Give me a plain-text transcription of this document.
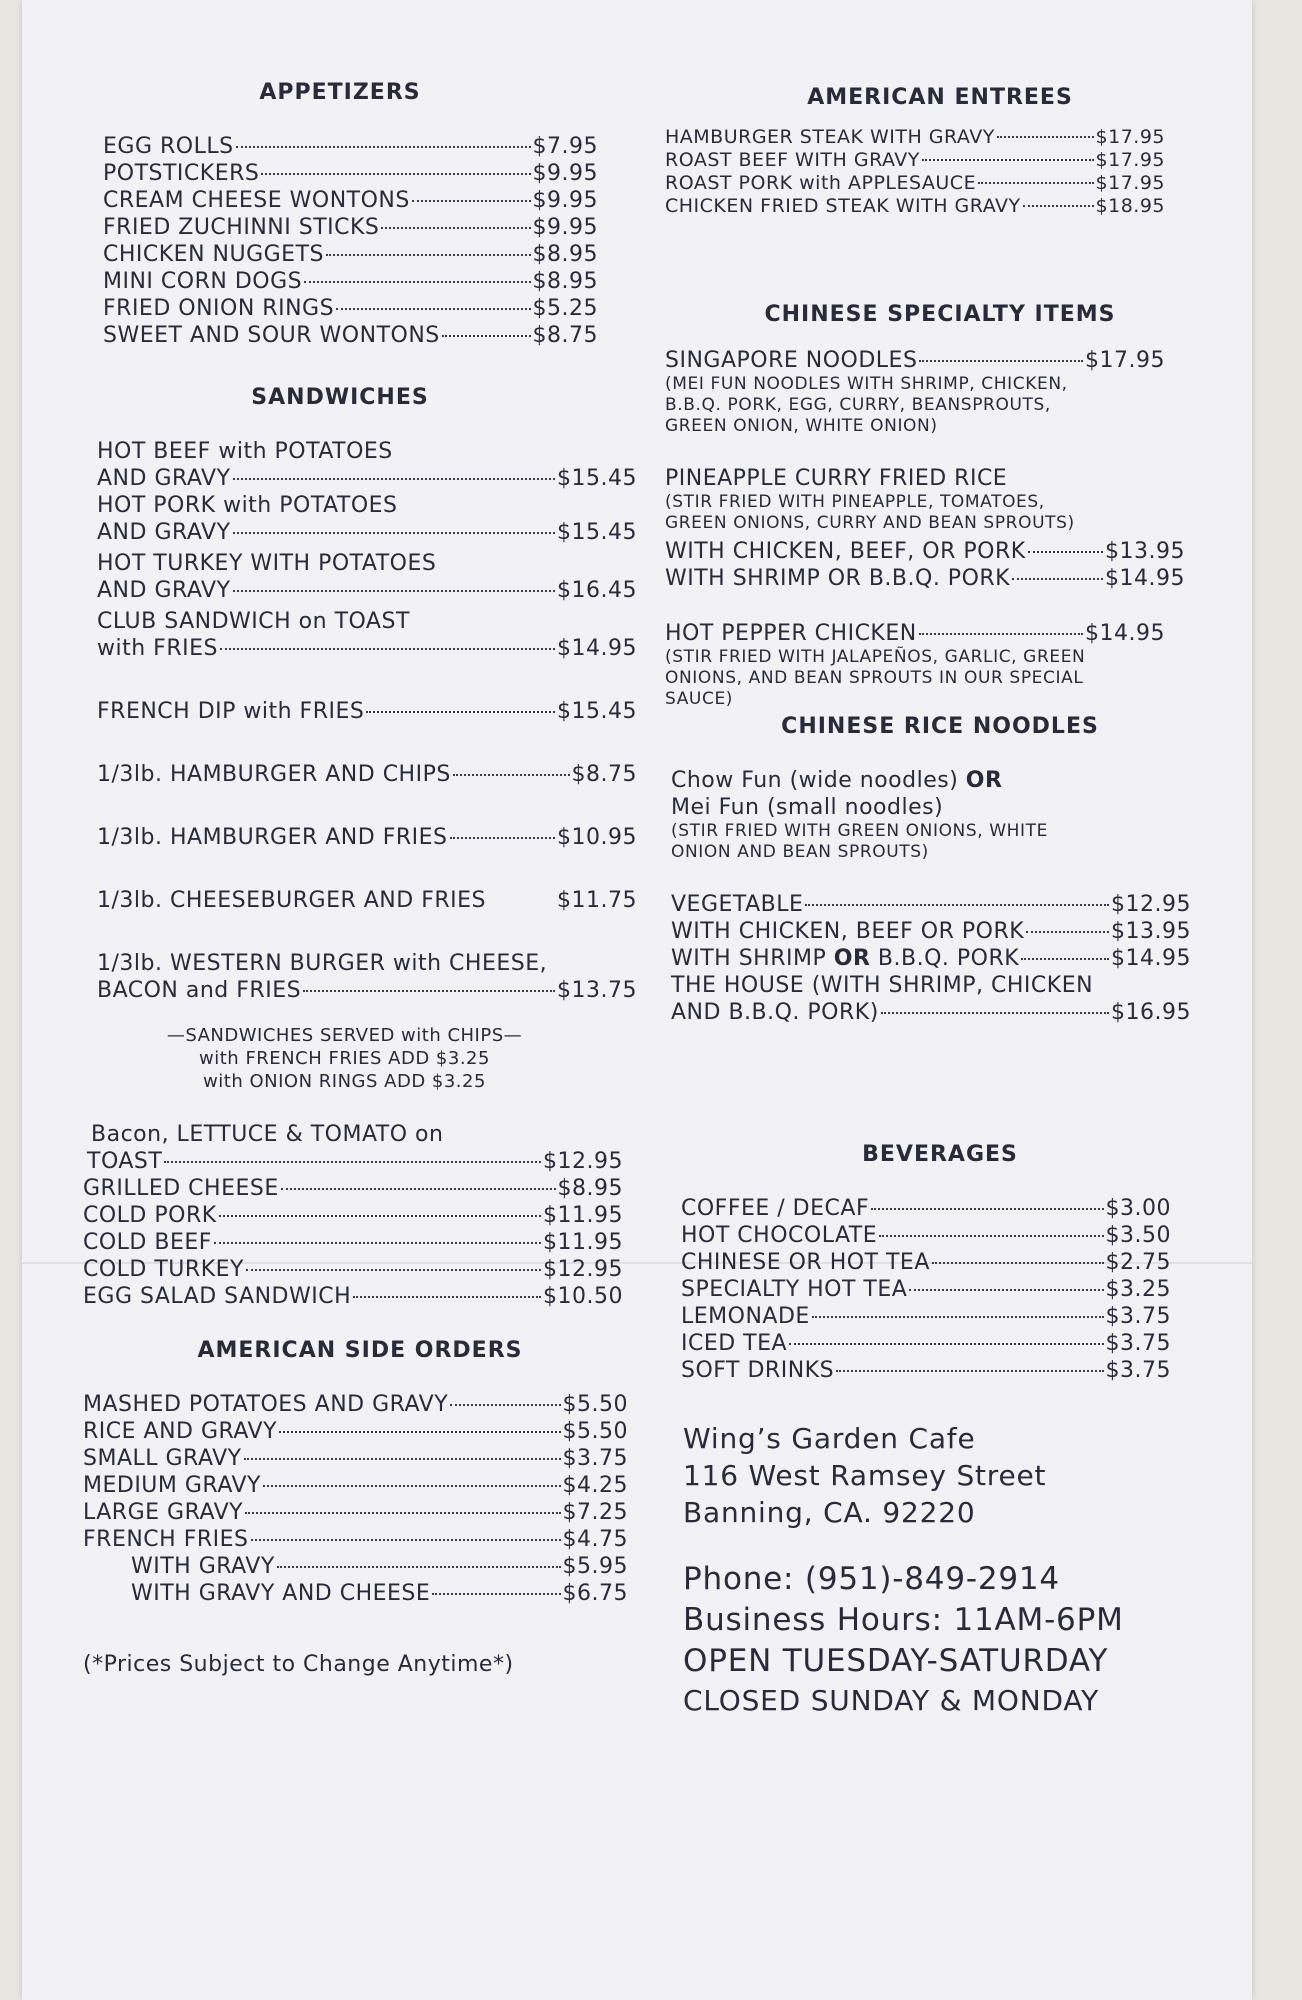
APPETIZERS
EGG ROLLS	$7.95
POTSTICKERS	$9.95
CREAM CHEESE WONTONS	$9.95
FRIED ZUCHINNI STICKS	$9.95
CHICKEN NUGGETS	$8.95
MINI CORN DOGS	$8.95
FRIED ONION RINGS	$5.25
SWEET AND SOUR WONTONS	$8.75
SANDWICHES
HOT BEEF with POTATOES
AND GRAVY	$15.45
HOT PORK with POTATOES
AND GRAVY	$15.45
HOT TURKEY WITH POTATOES
AND GRAVY	$16.45
CLUB SANDWICH on TOAST
with FRIES	$14.95
FRENCH DIP with FRIES	$15.45
1/3lb. HAMBURGER AND CHIPS	$8.75
1/3lb. HAMBURGER AND FRIES	$10.95
1/3lb. CHEESEBURGER AND FRIES	$11.75
1/3lb. WESTERN BURGER with CHEESE,
BACON and FRIES	$13.75
—SANDWICHES SERVED with CHIPS—
with FRENCH FRIES ADD $3.25
with ONION RINGS ADD $3.25
Bacon, LETTUCE & TOMATO on
TOAST	$12.95
GRILLED CHEESE	$8.95
COLD PORK	$11.95
COLD BEEF	$11.95
COLD TURKEY	$12.95
EGG SALAD SANDWICH	$10.50
AMERICAN SIDE ORDERS
MASHED POTATOES AND GRAVY	$5.50
RICE AND GRAVY	$5.50
SMALL GRAVY	$3.75
MEDIUM GRAVY	$4.25
LARGE GRAVY	$7.25
FRENCH FRIES	$4.75
WITH GRAVY	$5.95
WITH GRAVY AND CHEESE	$6.75
(*Prices Subject to Change Anytime*)
AMERICAN ENTREES
HAMBURGER STEAK WITH GRAVY	$17.95
ROAST BEEF WITH GRAVY	$17.95
ROAST PORK with APPLESAUCE	$17.95
CHICKEN FRIED STEAK WITH GRAVY	$18.95
CHINESE SPECIALTY ITEMS
SINGAPORE NOODLES	$17.95
(MEI FUN NOODLES WITH SHRIMP, CHICKEN,
B.B.Q. PORK, EGG, CURRY, BEANSPROUTS,
GREEN ONION, WHITE ONION)
PINEAPPLE CURRY FRIED RICE
(STIR FRIED WITH PINEAPPLE, TOMATOES,
GREEN ONIONS, CURRY AND BEAN SPROUTS)
WITH CHICKEN, BEEF, OR PORK	$13.95
WITH SHRIMP OR B.B.Q. PORK	$14.95
HOT PEPPER CHICKEN	$14.95
(STIR FRIED WITH JALAPEÑOS, GARLIC, GREEN
ONIONS, AND BEAN SPROUTS IN OUR SPECIAL
SAUCE)
CHINESE RICE NOODLES
Chow Fun (wide noodles) OR
Mei Fun (small noodles)
(STIR FRIED WITH GREEN ONIONS, WHITE
ONION AND BEAN SPROUTS)
VEGETABLE	$12.95
WITH CHICKEN, BEEF OR PORK	$13.95
WITH SHRIMP OR B.B.Q. PORK	$14.95
THE HOUSE (WITH SHRIMP, CHICKEN
AND B.B.Q. PORK)	$16.95
BEVERAGES
COFFEE / DECAF	$3.00
HOT CHOCOLATE	$3.50
CHINESE OR HOT TEA	$2.75
SPECIALTY HOT TEA	$3.25
LEMONADE	$3.75
ICED TEA	$3.75
SOFT DRINKS	$3.75
Wing’s Garden Cafe
116 West Ramsey Street
Banning, CA. 92220
Phone: (951)-849-2914
Business Hours: 11AM-6PM
OPEN TUESDAY-SATURDAY
CLOSED SUNDAY & MONDAY
